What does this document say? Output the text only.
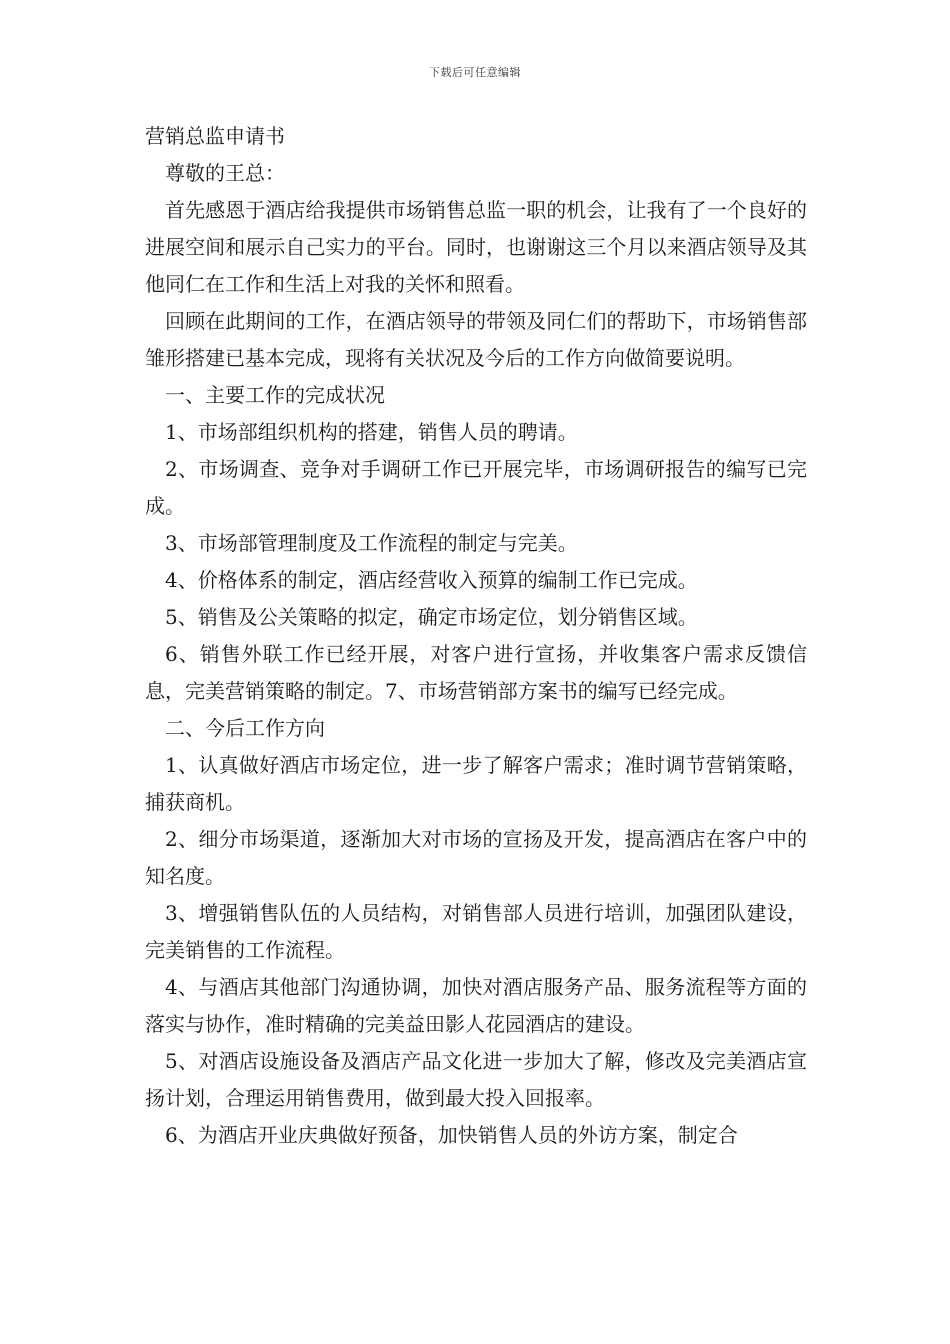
下载后可任意编辑

营销总监申请书

尊敬的王总：

首先感恩于酒店给我提供市场销售总监一职的机会，让我有了一个良好的进展空间和展示自己实力的平台。同时，也谢谢这三个月以来酒店领导及其他同仁在工作和生活上对我的关怀和照看。

回顾在此期间的工作，在酒店领导的带领及同仁们的帮助下，市场销售部雏形搭建已基本完成，现将有关状况及今后的工作方向做简要说明。

一、主要工作的完成状况

1、市场部组织机构的搭建，销售人员的聘请。

2、市场调查、竞争对手调研工作已开展完毕，市场调研报告的编写已完成。

3、市场部管理制度及工作流程的制定与完美。

4、价格体系的制定，酒店经营收入预算的编制工作已完成。

5、销售及公关策略的拟定，确定市场定位，划分销售区域。

6、销售外联工作已经开展，对客户进行宣扬，并收集客户需求反馈信息，完美营销策略的制定。7、市场营销部方案书的编写已经完成。

二、今后工作方向

1、认真做好酒店市场定位，进一步了解客户需求；准时调节营销策略，捕获商机。

2、细分市场渠道，逐渐加大对市场的宣扬及开发，提高酒店在客户中的知名度。

3、增强销售队伍的人员结构，对销售部人员进行培训，加强团队建设，完美销售的工作流程。

4、与酒店其他部门沟通协调，加快对酒店服务产品、服务流程等方面的落实与协作，准时精确的完美益田影人花园酒店的建设。

5、对酒店设施设备及酒店产品文化进一步加大了解，修改及完美酒店宣扬计划，合理运用销售费用，做到最大投入回报率。

6、为酒店开业庆典做好预备，加快销售人员的外访方案，制定合
